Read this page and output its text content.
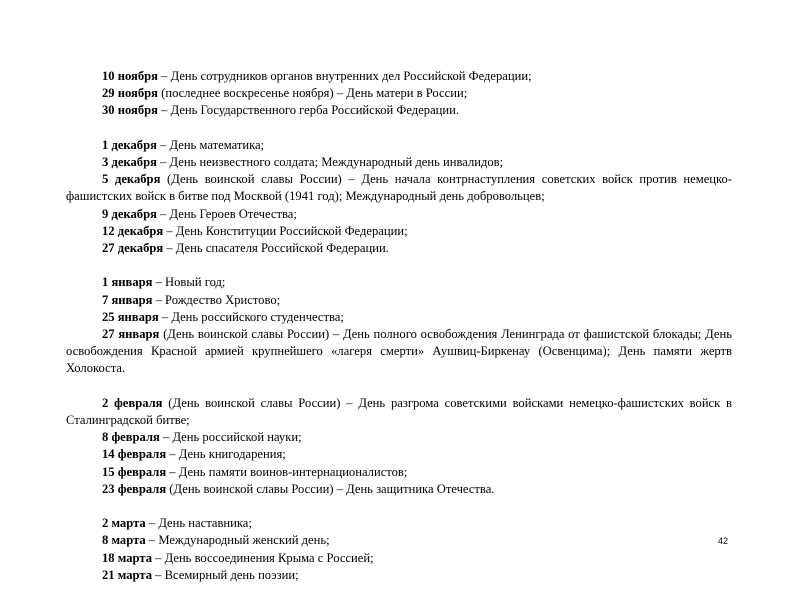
10 ноября – День сотрудников органов внутренних дел Российской Федерации;
29 ноября (последнее воскресенье ноября) – День матери в России;
30 ноября – День Государственного герба Российской Федерации.
1 декабря – День математика;
3 декабря – День неизвестного солдата; Международный день инвалидов;
5 декабря (День воинской славы России) – День начала контрнаступления советских войск против немецко-фашистских войск в битве под Москвой (1941 год); Международный день добровольцев;
9 декабря – День Героев Отечества;
12 декабря – День Конституции Российской Федерации;
27 декабря – День спасателя Российской Федерации.
1 января – Новый год;
7 января – Рождество Христово;
25 января – День российского студенчества;
27 января (День воинской славы России) – День полного освобождения Ленинграда от фашистской блокады; День освобождения Красной армией крупнейшего «лагеря смерти» Аушвиц-Биркенау (Освенцима); День памяти жертв Холокоста.
2 февраля (День воинской славы России) – День разгрома советскими войсками немецко-фашистских войск в Сталинградской битве;
8 февраля – День российской науки;
14 февраля – День книгодарения;
15 февраля – День памяти воинов-интернационалистов;
23 февраля (День воинской славы России) – День защитника Отечества.
2 марта – День наставника;
8 марта – Международный женский день;
18 марта – День воссоединения Крыма с Россией;
21 марта – Всемирный день поэзии;
42
